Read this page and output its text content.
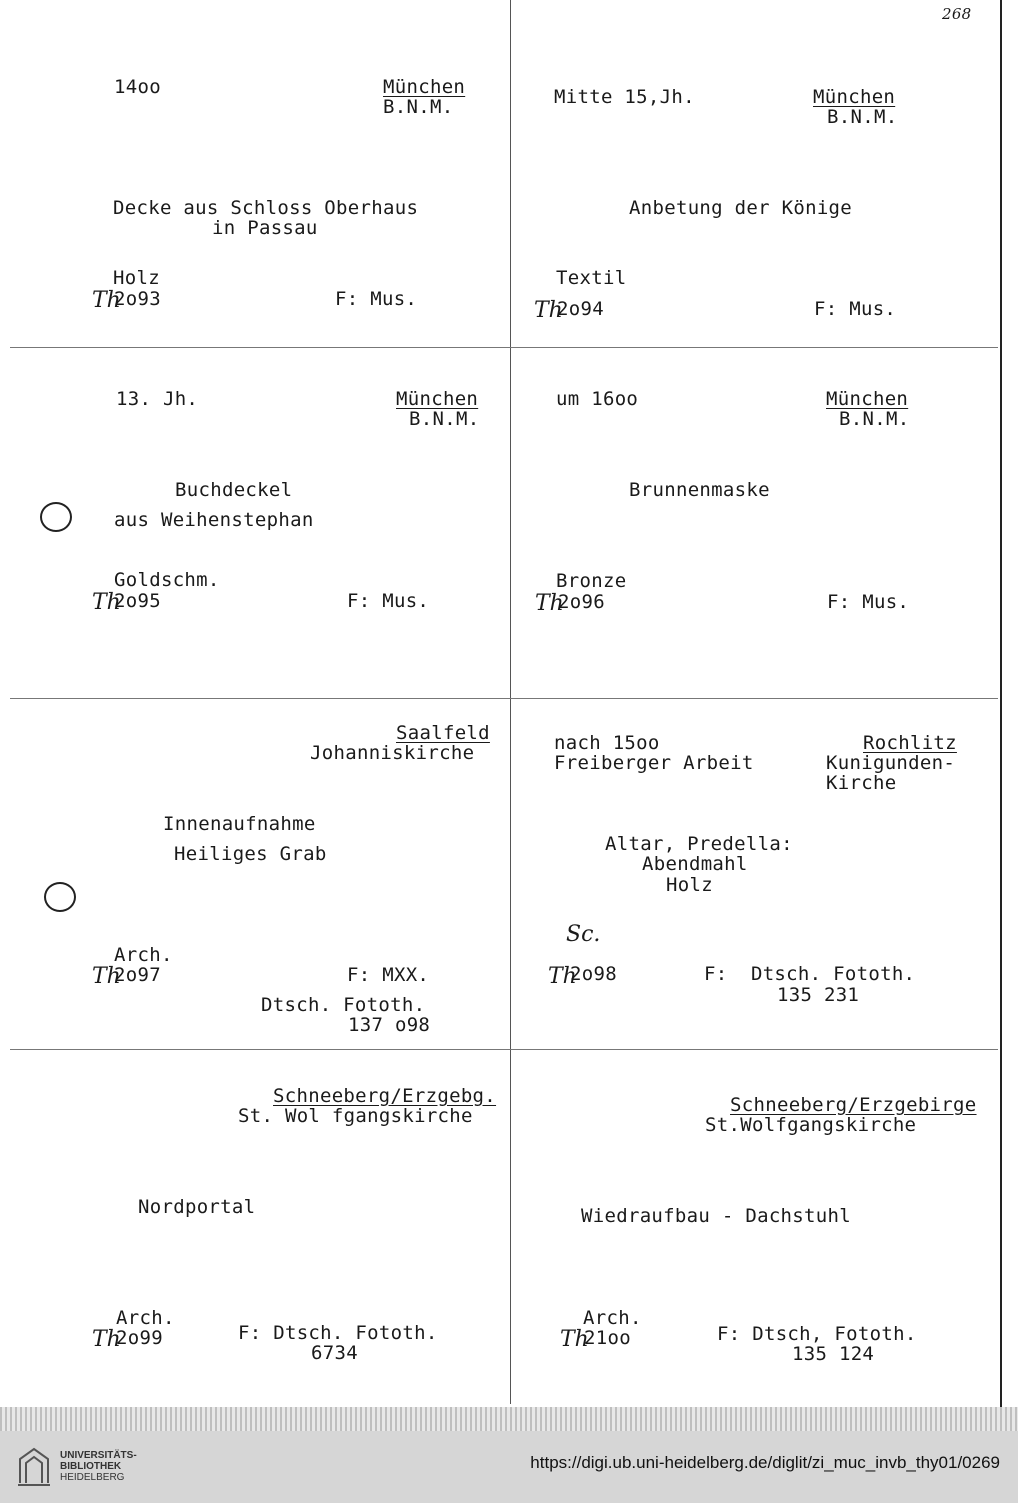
268
14oo	München
B.N.M.
Decke aus Schloss Oberhaus
in Passau
Holz
Th
2o93	F: Mus.
Mitte 15,Jh.	München
B.N.M.
Anbetung der Könige
Textil
Th
2o94	F: Mus.
13. Jh.	München
B.N.M.
Buchdeckel
aus Weihenstephan
Goldschm.
Th
2o95	F: Mus.
um 16oo	München
B.N.M.
Brunnenmaske
Bronze
Th
2o96	F: Mus.
Saalfeld
Johanniskirche
Innenaufnahme
Heiliges Grab
Arch.
Th
2o97	F: MXX.
Dtsch. Fototh.
137 o98
nach 15oo
Freiberger Arbeit
Rochlitz
Kunigunden-
Kirche
Altar, Predella:
Abendmahl
Holz
Sc.
Th
2o98	F:  Dtsch. Fototh.
135 231
Schneeberg/Erzgebg.
St. Wol fgangskirche
Nordportal
Arch.
Th
2o99	F: Dtsch. Fototh.
6734
Schneeberg/Erzgebirge
St.Wolfgangskirche
Wiedraufbau - Dachstuhl
Arch.
Th
21oo	F: Dtsch, Fototh.
135 124
UNIVERSITÄTS-
BIBLIOTHEK
HEIDELBERG
https://digi.ub.uni-heidelberg.de/diglit/zi_muc_invb_thy01/0269
